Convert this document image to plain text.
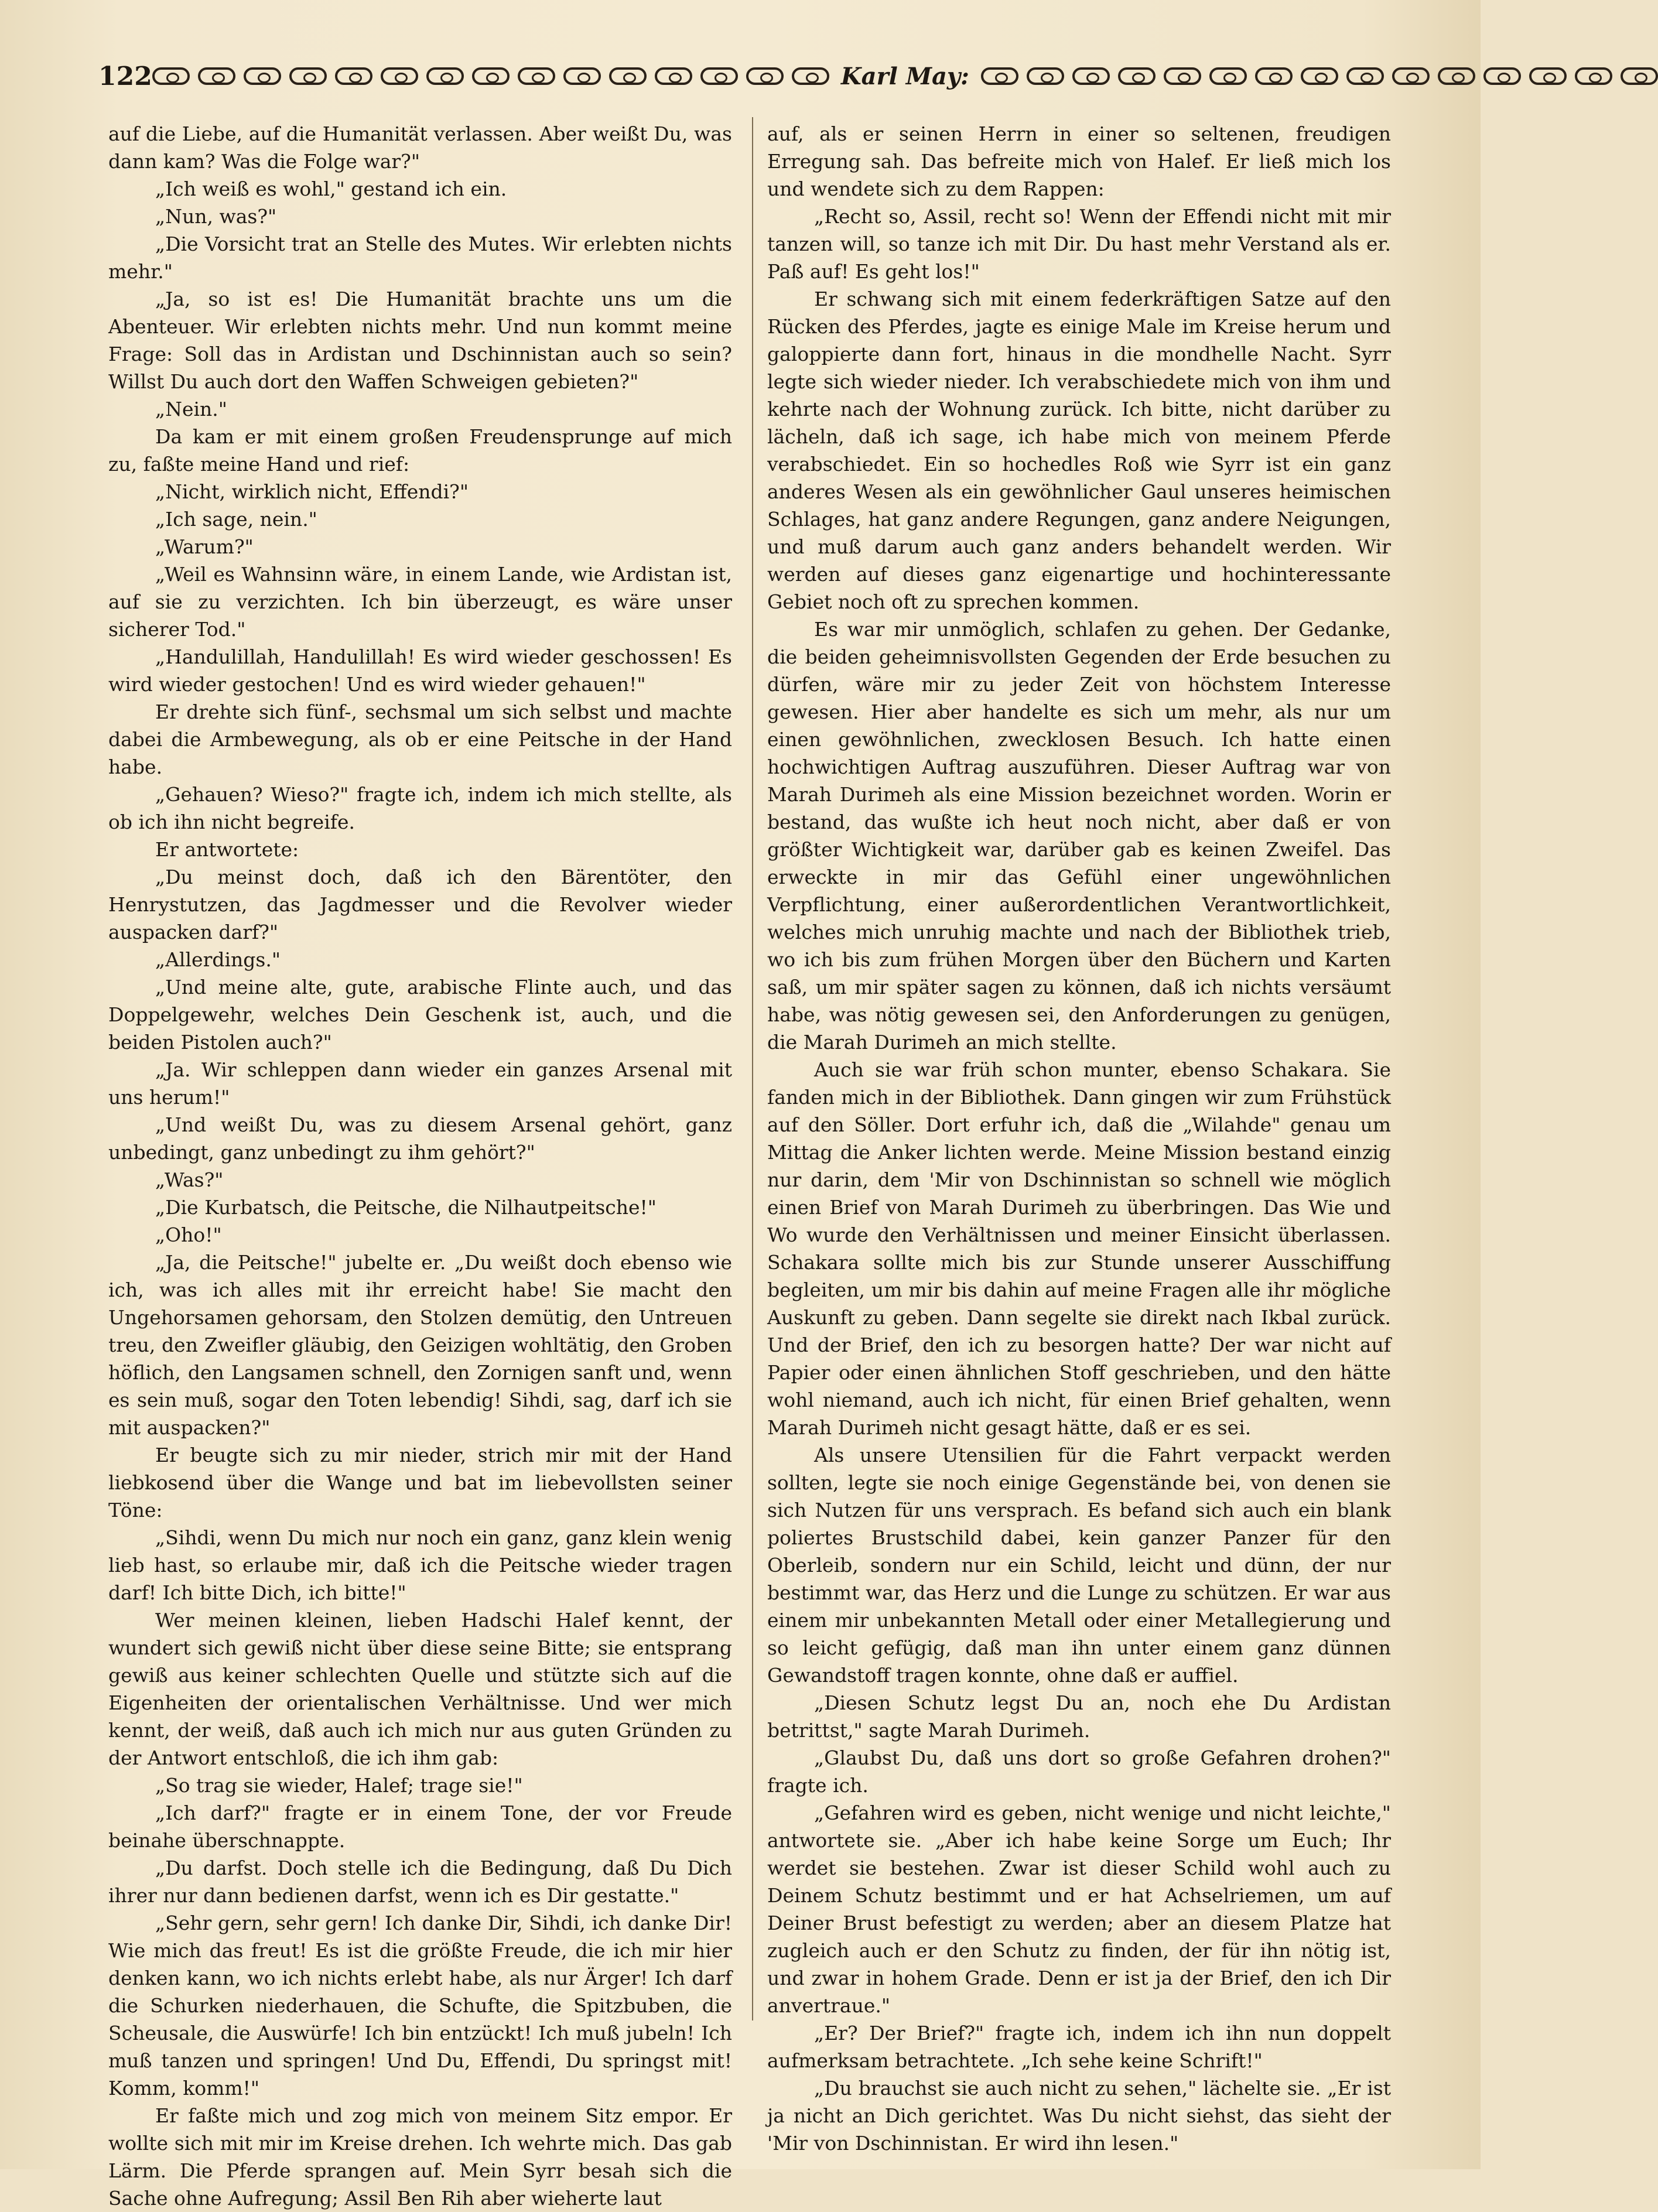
122	Karl May:

auf die Liebe, auf die Humanität verlassen. Aber weißt Du, was dann kam? Was die Folge war?"

„Ich weiß es wohl," gestand ich ein.

„Nun, was?"

„Die Vorsicht trat an Stelle des Mutes. Wir erlebten nichts mehr."

„Ja, so ist es! Die Humanität brachte uns um die Abenteuer. Wir erlebten nichts mehr. Und nun kommt meine Frage: Soll das in Ardistan und Dschinnistan auch so sein? Willst Du auch dort den Waffen Schweigen gebieten?"

„Nein."

Da kam er mit einem großen Freudensprunge auf mich zu, faßte meine Hand und rief:

„Nicht, wirklich nicht, Effendi?"

„Ich sage, nein."

„Warum?"

„Weil es Wahnsinn wäre, in einem Lande, wie Ardistan ist, auf sie zu verzichten. Ich bin überzeugt, es wäre unser sicherer Tod."

„Handulillah, Handulillah! Es wird wieder geschossen! Es wird wieder gestochen! Und es wird wieder gehauen!"

Er drehte sich fünf-, sechsmal um sich selbst und machte dabei die Armbewegung, als ob er eine Peitsche in der Hand habe.

„Gehauen? Wieso?" fragte ich, indem ich mich stellte, als ob ich ihn nicht begreife.

Er antwortete:

„Du meinst doch, daß ich den Bärentöter, den Henrystutzen, das Jagdmesser und die Revolver wieder auspacken darf?"

„Allerdings."

„Und meine alte, gute, arabische Flinte auch, und das Doppelgewehr, welches Dein Geschenk ist, auch, und die beiden Pistolen auch?"

„Ja. Wir schleppen dann wieder ein ganzes Arsenal mit uns herum!"

„Und weißt Du, was zu diesem Arsenal gehört, ganz unbedingt, ganz unbedingt zu ihm gehört?"

„Was?"

„Die Kurbatsch, die Peitsche, die Nilhautpeitsche!"

„Oho!"

„Ja, die Peitsche!" jubelte er. „Du weißt doch ebenso wie ich, was ich alles mit ihr erreicht habe! Sie macht den Ungehorsamen gehorsam, den Stolzen demütig, den Untreuen treu, den Zweifler gläubig, den Geizigen wohltätig, den Groben höflich, den Langsamen schnell, den Zornigen sanft und, wenn es sein muß, sogar den Toten lebendig! Sihdi, sag, darf ich sie mit auspacken?"

Er beugte sich zu mir nieder, strich mir mit der Hand liebkosend über die Wange und bat im liebevollsten seiner Töne:

„Sihdi, wenn Du mich nur noch ein ganz, ganz klein wenig lieb hast, so erlaube mir, daß ich die Peitsche wieder tragen darf! Ich bitte Dich, ich bitte!"

Wer meinen kleinen, lieben Hadschi Halef kennt, der wundert sich gewiß nicht über diese seine Bitte; sie entsprang gewiß aus keiner schlechten Quelle und stützte sich auf die Eigenheiten der orientalischen Verhältnisse. Und wer mich kennt, der weiß, daß auch ich mich nur aus guten Gründen zu der Antwort entschloß, die ich ihm gab:

„So trag sie wieder, Halef; trage sie!"

„Ich darf?" fragte er in einem Tone, der vor Freude beinahe überschnappte.

„Du darfst. Doch stelle ich die Bedingung, daß Du Dich ihrer nur dann bedienen darfst, wenn ich es Dir gestatte."

„Sehr gern, sehr gern! Ich danke Dir, Sihdi, ich danke Dir! Wie mich das freut! Es ist die größte Freude, die ich mir hier denken kann, wo ich nichts erlebt habe, als nur Ärger! Ich darf die Schurken niederhauen, die Schufte, die Spitzbuben, die Scheusale, die Auswürfe! Ich bin entzückt! Ich muß jubeln! Ich muß tanzen und springen! Und Du, Effendi, Du springst mit! Komm, komm!"

Er faßte mich und zog mich von meinem Sitz empor. Er wollte sich mit mir im Kreise drehen. Ich wehrte mich. Das gab Lärm. Die Pferde sprangen auf. Mein Syrr besah sich die Sache ohne Aufregung; Assil Ben Rih aber wieherte laut

auf, als er seinen Herrn in einer so seltenen, freudigen Erregung sah. Das befreite mich von Halef. Er ließ mich los und wendete sich zu dem Rappen:

„Recht so, Assil, recht so! Wenn der Effendi nicht mit mir tanzen will, so tanze ich mit Dir. Du hast mehr Verstand als er. Paß auf! Es geht los!"

Er schwang sich mit einem federkräftigen Satze auf den Rücken des Pferdes, jagte es einige Male im Kreise herum und galoppierte dann fort, hinaus in die mondhelle Nacht. Syrr legte sich wieder nieder. Ich verabschiedete mich von ihm und kehrte nach der Wohnung zurück. Ich bitte, nicht darüber zu lächeln, daß ich sage, ich habe mich von meinem Pferde verabschiedet. Ein so hochedles Roß wie Syrr ist ein ganz anderes Wesen als ein gewöhnlicher Gaul unseres heimischen Schlages, hat ganz andere Regungen, ganz andere Neigungen, und muß darum auch ganz anders behandelt werden. Wir werden auf dieses ganz eigenartige und hochinteressante Gebiet noch oft zu sprechen kommen.

Es war mir unmöglich, schlafen zu gehen. Der Gedanke, die beiden geheimnisvollsten Gegenden der Erde besuchen zu dürfen, wäre mir zu jeder Zeit von höchstem Interesse gewesen. Hier aber handelte es sich um mehr, als nur um einen gewöhnlichen, zwecklosen Besuch. Ich hatte einen hochwichtigen Auftrag auszuführen. Dieser Auftrag war von Marah Durimeh als eine Mission bezeichnet worden. Worin er bestand, das wußte ich heut noch nicht, aber daß er von größter Wichtigkeit war, darüber gab es keinen Zweifel. Das erweckte in mir das Gefühl einer ungewöhnlichen Verpflichtung, einer außerordentlichen Verantwortlichkeit, welches mich unruhig machte und nach der Bibliothek trieb, wo ich bis zum frühen Morgen über den Büchern und Karten saß, um mir später sagen zu können, daß ich nichts versäumt habe, was nötig gewesen sei, den Anforderungen zu genügen, die Marah Durimeh an mich stellte.

Auch sie war früh schon munter, ebenso Schakara. Sie fanden mich in der Bibliothek. Dann gingen wir zum Frühstück auf den Söller. Dort erfuhr ich, daß die „Wilahde" genau um Mittag die Anker lichten werde. Meine Mission bestand einzig nur darin, dem 'Mir von Dschinnistan so schnell wie möglich einen Brief von Marah Durimeh zu überbringen. Das Wie und Wo wurde den Verhältnissen und meiner Einsicht überlassen. Schakara sollte mich bis zur Stunde unserer Ausschiffung begleiten, um mir bis dahin auf meine Fragen alle ihr mögliche Auskunft zu geben. Dann segelte sie direkt nach Ikbal zurück. Und der Brief, den ich zu besorgen hatte? Der war nicht auf Papier oder einen ähnlichen Stoff geschrieben, und den hätte wohl niemand, auch ich nicht, für einen Brief gehalten, wenn Marah Durimeh nicht gesagt hätte, daß er es sei.

Als unsere Utensilien für die Fahrt verpackt werden sollten, legte sie noch einige Gegenstände bei, von denen sie sich Nutzen für uns versprach. Es befand sich auch ein blank poliertes Brustschild dabei, kein ganzer Panzer für den Oberleib, sondern nur ein Schild, leicht und dünn, der nur bestimmt war, das Herz und die Lunge zu schützen. Er war aus einem mir unbekannten Metall oder einer Metallegierung und so leicht gefügig, daß man ihn unter einem ganz dünnen Gewandstoff tragen konnte, ohne daß er auffiel.

„Diesen Schutz legst Du an, noch ehe Du Ardistan betrittst," sagte Marah Durimeh.

„Glaubst Du, daß uns dort so große Gefahren drohen?" fragte ich.

„Gefahren wird es geben, nicht wenige und nicht leichte," antwortete sie. „Aber ich habe keine Sorge um Euch; Ihr werdet sie bestehen. Zwar ist dieser Schild wohl auch zu Deinem Schutz bestimmt und er hat Achselriemen, um auf Deiner Brust befestigt zu werden; aber an diesem Platze hat zugleich auch er den Schutz zu finden, der für ihn nötig ist, und zwar in hohem Grade. Denn er ist ja der Brief, den ich Dir anvertraue."

„Er? Der Brief?" fragte ich, indem ich ihn nun doppelt aufmerksam betrachtete. „Ich sehe keine Schrift!"

„Du brauchst sie auch nicht zu sehen," lächelte sie. „Er ist ja nicht an Dich gerichtet. Was Du nicht siehst, das sieht der 'Mir von Dschinnistan. Er wird ihn lesen."
